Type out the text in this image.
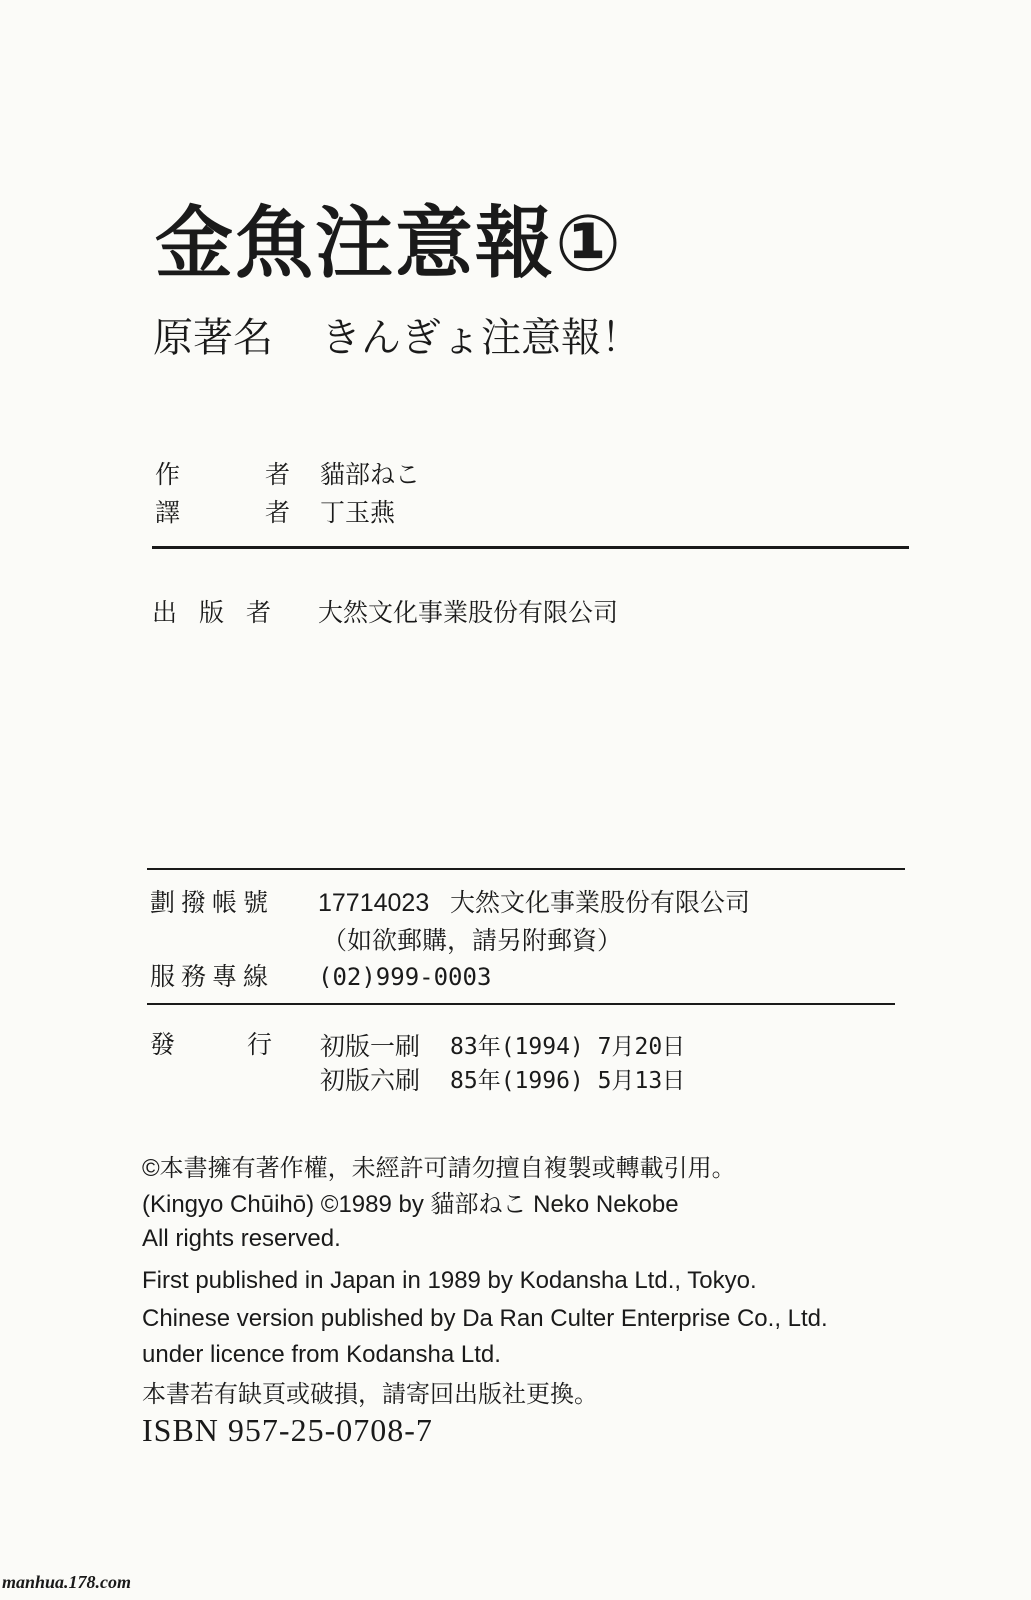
金魚注意報①
原著名 きんぎょ注意報！
作	者 貓部ねこ
譯	者 丁玉燕
出版者 大然文化事業股份有限公司
劃撥帳號 17714023 大然文化事業股份有限公司
（如欲郵購，請另附郵資）
服務專線 (02)999-0003
發	行 初版一刷 83年(1994) 7月20日
初版六刷 85年(1996) 5月13日
©本書擁有著作權，未經許可請勿擅自複製或轉載引用。
(Kingyo Chūihō) ©1989 by 貓部ねこ Neko Nekobe
All rights reserved.
First published in Japan in 1989 by Kodansha Ltd., Tokyo.
Chinese version published by Da Ran Culter Enterprise Co., Ltd.
under licence from Kodansha Ltd.
本書若有缺頁或破損，請寄回出版社更換。
ISBN 957-25-0708-7
manhua.178.com
